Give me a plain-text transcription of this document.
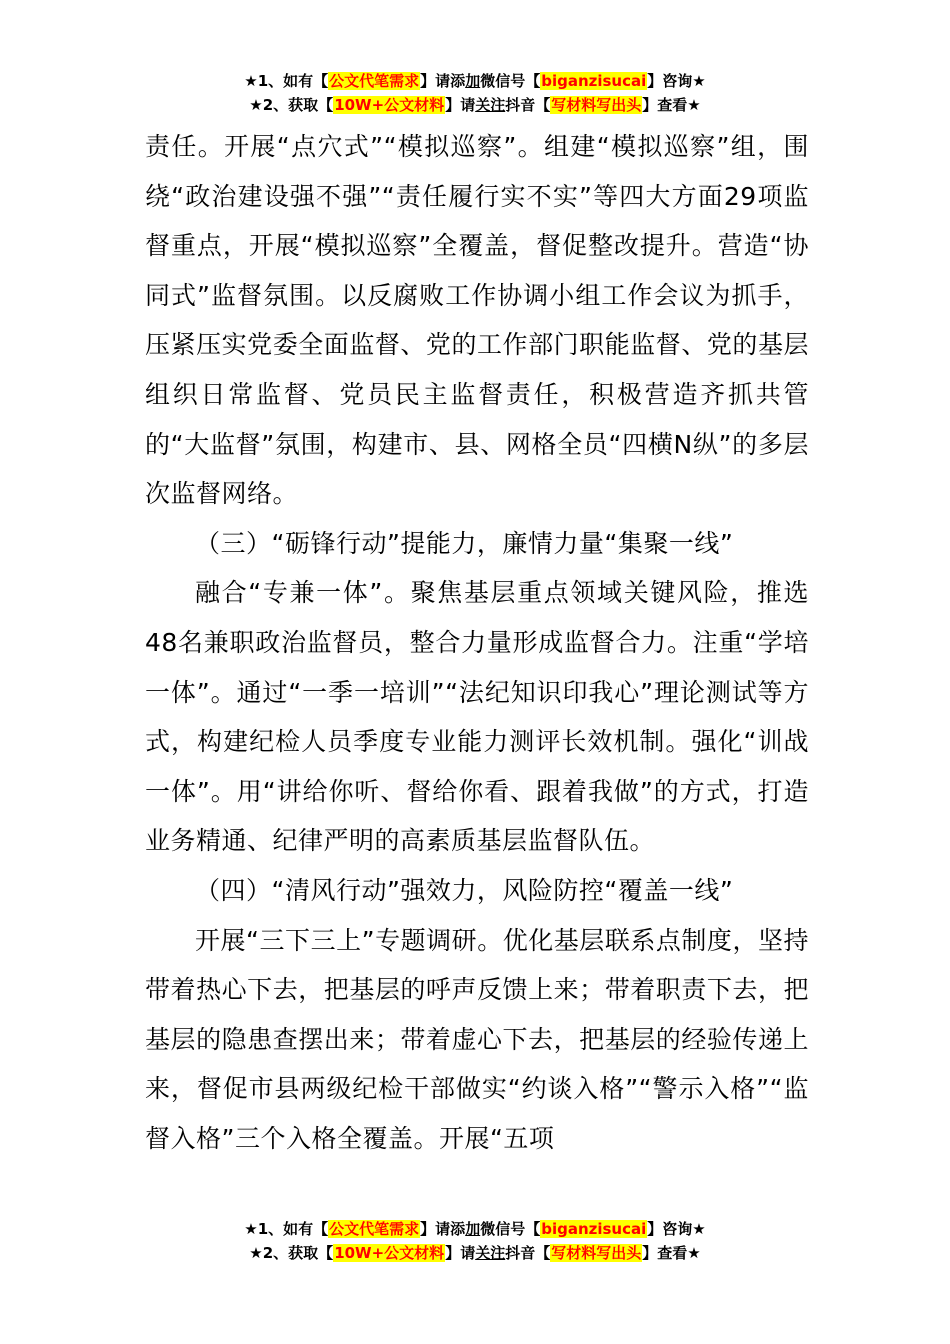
★1、如有【公文代笔需求】请添加微信号【biganzisucai】咨询★
★2、获取【10W+公文材料】请关注抖音【写材料写出头】查看★

责任。开展“点穴式”“模拟巡察”。组建“模拟巡察”组，围绕“政治建设强不强”“责任履行实不实”等四大方面29项监督重点，开展“模拟巡察”全覆盖，督促整改提升。营造“协同式”监督氛围。以反腐败工作协调小组工作会议为抓手，压紧压实党委全面监督、党的工作部门职能监督、党的基层组织日常监督、党员民主监督责任，积极营造齐抓共管的“大监督”氛围，构建市、县、网格全员“四横N纵”的多层次监督网络。

（三）“砺锋行动”提能力，廉情力量“集聚一线”

融合“专兼一体”。聚焦基层重点领域关键风险，推选48名兼职政治监督员，整合力量形成监督合力。注重“学培一体”。通过“一季一培训”“法纪知识印我心”理论测试等方式，构建纪检人员季度专业能力测评长效机制。强化“训战一体”。用“讲给你听、督给你看、跟着我做”的方式，打造业务精通、纪律严明的高素质基层监督队伍。

（四）“清风行动”强效力，风险防控“覆盖一线”

开展“三下三上”专题调研。优化基层联系点制度，坚持带着热心下去，把基层的呼声反馈上来；带着职责下去，把基层的隐患查摆出来；带着虚心下去，把基层的经验传递上来，督促市县两级纪检干部做实“约谈入格”“警示入格”“监督入格”三个入格全覆盖。开展“五项

★1、如有【公文代笔需求】请添加微信号【biganzisucai】咨询★
★2、获取【10W+公文材料】请关注抖音【写材料写出头】查看★
